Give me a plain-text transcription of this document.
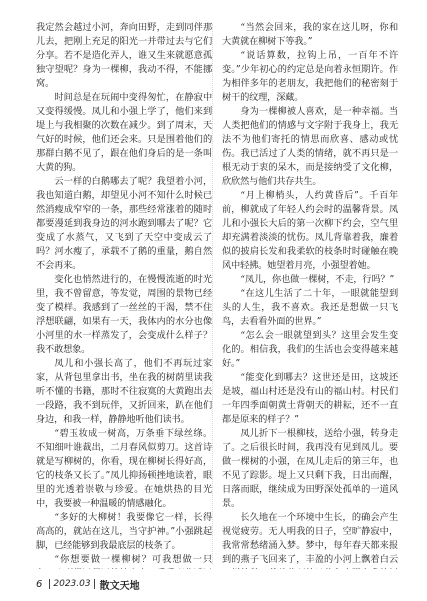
我定然会越过小河，奔向田野，走到同伴那儿去，把刚上充足的阳光一并带过去与它们分享。若不是造化弄人，谁又生来就愿意孤独守望呢？身为一棵柳，我动不得，不能挪窝。

时间总是在玩闹中变得匆忙，在静寂中又变得缓慢。凤儿和小强上学了，他们来到堤上与我相聚的次数在减少。到了周末，天气好的时候，他们还会来。只是围着他们的那群白鹅不见了，跟在他们身后的是一条叫大黄的狗。

云一样的白鹅哪去了呢？我望着小河，我也知道白鹅，却望见小河不知什么时候已然消瘦成窄窄的一条，那些经常涨着的随时都要漫延到我身边的河水跑到哪去了呢？它变成了水蒸气，又飞到了天空中变成云了吗？河水瘦了，承载不了鹅的重量，鹅自然不会再来。

变化也悄然进行的，在慢慢流逝的时光里，我不曾留意，等发觉，周围的景物已经变了模样。我感到了一丝丝的干渴，禁不住浮想联翩，如果有一天，我体内的水分也像小河里的水一样蒸发了，会变成什么样子？我不敢想象。

凤儿和小强长高了，他们不再玩过家家，从背包里拿出书，坐在我的树荫里读我听不懂的书籍，那时不往寂寞的大黄跑出去一段路，我不到玩伴，又折回来，趴在他们身边，和我一样，静静地听他们读书。

“碧玉妆成一树高，万条垂下绿丝绦。不知细叶谁裁出，二月春风似剪刀。这首诗就是写柳树的，你看，现在柳树长得好高，它的枝条又长了。”凤儿抑扬顿挫地读着，眼里的光透着崇敬与珍爱。在她烘热的目光中，我要被一种温暖的情感融化。

“多好的大柳树！我要像它一样，长得高高的，就站在这儿，当守护神。”小强跳起脚，已经能够到我最底层的枝条了。

“你想要做一棵柳树？可我想做一只

“当然会回来，我的家在这儿呀，你和大黄就在柳树下等我。”

“说话算数，拉钩上吊，一百年不许变。”少年初心的约定总是向着永恒期许。作为相伴多年的老朋友，我把他们的秘密刻于树干的纹理，深藏。

身为一棵柳被人喜欢，是一种幸福。当人类把他们的情感与文字附于我身上，我无法不为他们寄托的情思而欣喜、感动或忧伤。我已活过了人类的情绪，就不再只是一根无动于衷的呆木，而是接纳受了文化柳，欣欣然与他们共存共生。

“月上柳梢头，人约黄昏后”。千百年前，柳就成了年轻人约会时的温馨背景。凤儿和小强长大后的第一次柳下约会，空气里却充满着淡淡的忧伤。凤儿背靠着我，廉着似的披肩长发和我柔软的枝条时时碰触在晚风中轻拂。她望着月亮，小强望着她。

“凤儿，你也做一棵树，不走，行吗？”

“在这儿生活了二十年，一眼就能望到头的人生，我不喜欢。我还是想做一只飞鸟，去看看外面的世界。”

“怎么会一眼就望到头？这里会发生变化的。相信我，我们的生活也会变得越来越好。”

“能变化到哪去？这世还是田，这坡还是坡，福山村还是没有山的福山村。村民们一年四季面朝黄土背朝天的耕耘，还不一直都是原来的样子？”

凤儿折下一根柳枝，送给小强，转身走了。之后很长时间，我再没有见到凤儿。要做一棵树的小强，在凤儿走后的第三年，也不见了踪影。堤上又只剩下我，日出而醒，日落而眠，继续成为田野深处孤单的一道风景。

长久地在一个环境中生长，的确会产生视觉疲劳。无人明我的日子，空旷静寂中，我常常愁绪涌入梦。梦中，每年春天都来报到的燕子飞回来了，丰盈的小河上飘着白云

6 2023.03 散文天地
